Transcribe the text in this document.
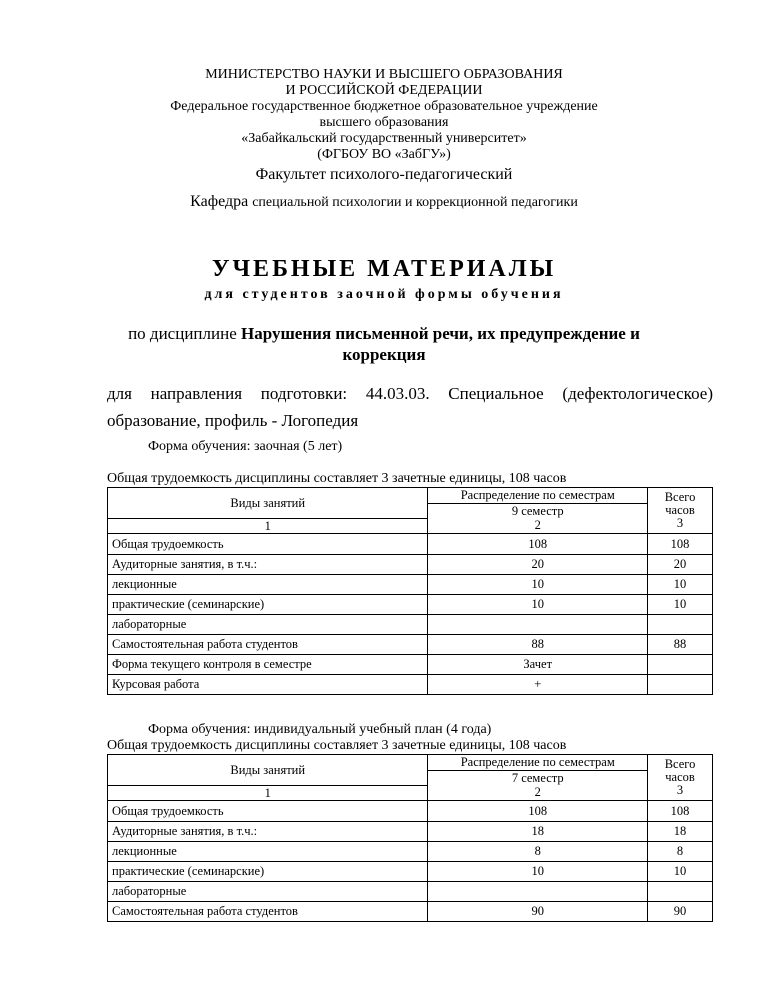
МИНИСТЕРСТВО НАУКИ И ВЫСШЕГО ОБРАЗОВАНИЯ
И РОССИЙСКОЙ ФЕДЕРАЦИИ
Федеральное государственное бюджетное образовательное учреждение
высшего образования
«Забайкальский государственный университет»
(ФГБОУ ВО «ЗабГУ»)
Факультет психолого-педагогический
Кафедра специальной психологии и коррекционной педагогики
УЧЕБНЫЕ МАТЕРИАЛЫ
для студентов заочной формы обучения
по дисциплине Нарушения письменной речи, их предупреждение и
коррекция
для направления подготовки: 44.03.03. Специальное (дефектологическое)
образование, профиль - Логопедия
Форма обучения: заочная (5 лет)
Общая трудоемкость дисциплины составляет 3 зачетные единицы, 108 часов
Виды занятий	Распределение по семестрам	Всего
часов
3

	9 семестр	
1	2	
Общая трудоемкость	108	108
Аудиторные занятия, в т.ч.:	20	20
лекционные	10	10
практические (семинарские)	10	10
лабораторные		
Самостоятельная работа студентов	88	88
Форма текущего контроля в семестре	Зачет	
Курсовая работа	+	
Форма обучения: индивидуальный учебный план (4 года)
Общая трудоемкость дисциплины составляет 3 зачетные единицы, 108 часов
Виды занятий	Распределение по семестрам	Всего
часов
3

	7 семестр	
1	2	
Общая трудоемкость	108	108
Аудиторные занятия, в т.ч.:	18	18
лекционные	8	8
практические (семинарские)	10	10
лабораторные		
Самостоятельная работа студентов	90	90
